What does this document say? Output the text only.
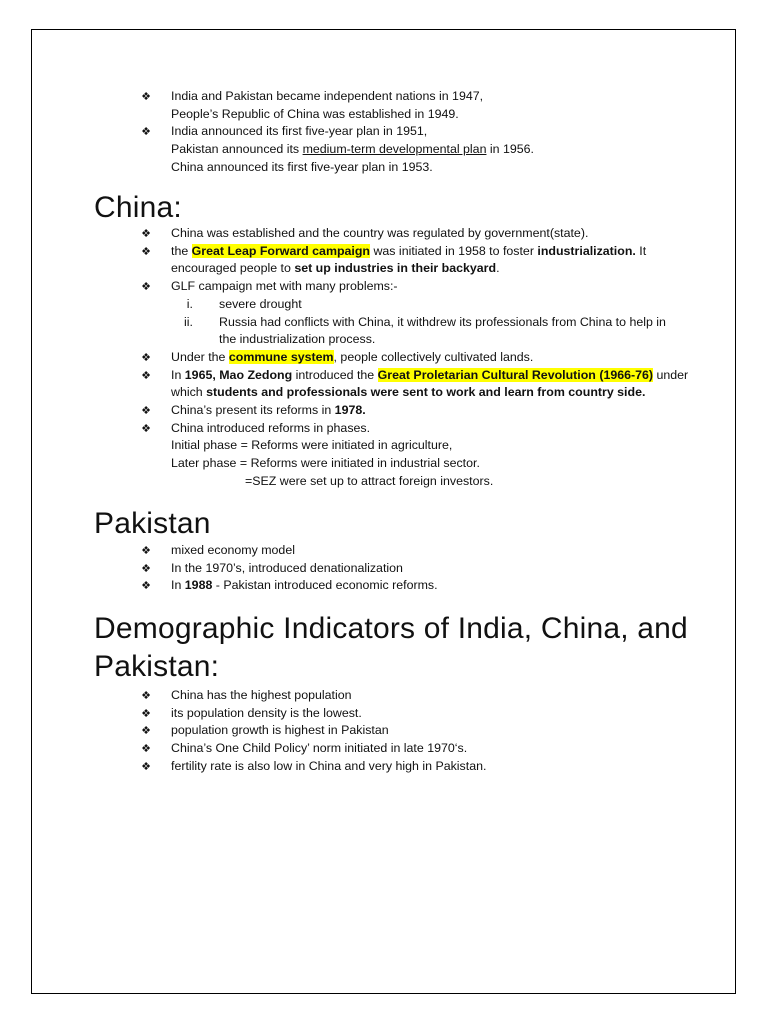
❖ India and Pakistan became independent nations in 1947,
People’s Republic of China was established in 1949.
❖ India announced its first five-year plan in 1951,
Pakistan announced its medium-term developmental plan in 1956.
China announced its first five-year plan in 1953.
China:
❖ China was established and the country was regulated by government(state).
❖ the Great Leap Forward campaign was initiated in 1958 to foster industrialization. It
encouraged people to set up industries in their backyard.
❖ GLF campaign met with many problems:-
i. severe drought
ii. Russia had conflicts with China, it withdrew its professionals from China to help in
the industrialization process.
❖ Under the commune system, people collectively cultivated lands.
❖ In 1965, Mao Zedong introduced the Great Proletarian Cultural Revolution (1966-76) under
which students and professionals were sent to work and learn from country side.
❖ China’s present its reforms in 1978.
❖ China introduced reforms in phases.
Initial phase = Reforms were initiated in agriculture,
Later phase = Reforms were initiated in industrial sector.
=SEZ were set up to attract foreign investors.
Pakistan
❖ mixed economy model
❖ In the 1970’s, introduced denationalization
❖ In 1988 - Pakistan introduced economic reforms.
Demographic Indicators of India, China, and Pakistan:
❖ China has the highest population
❖ its population density is the lowest.
❖ population growth is highest in Pakistan
❖ China’s One Child Policy’ norm initiated in late 1970‘s.
❖ fertility rate is also low in China and very high in Pakistan.
